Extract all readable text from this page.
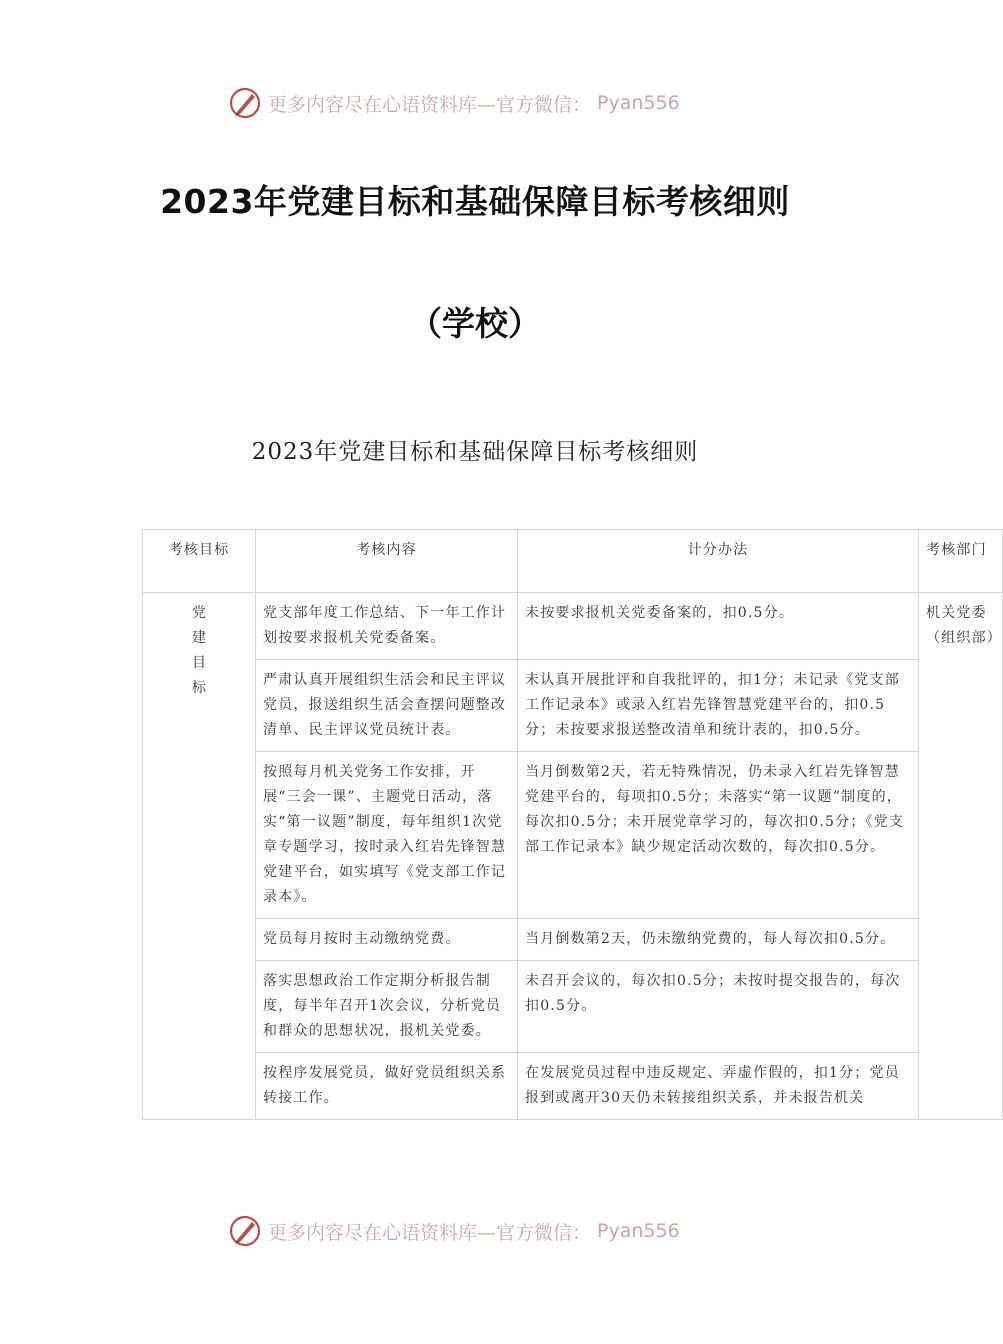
更多内容尽在心语资料库—官方微信： Pyan556
2023年党建目标和基础保障目标考核细则
（学校）
2023年党建目标和基础保障目标考核细则
考核目标	考核内容	计分办法	考核部门

党建目标	党支部年度工作总结、下一年工作计划按要求报机关党委备案。	未按要求报机关党委备案的，扣0.5分。	机关党委（组织部）
	严肃认真开展组织生活会和民主评议党员，报送组织生活会查摆问题整改清单、民主评议党员统计表。	未认真开展批评和自我批评的，扣1分；未记录《党支部工作记录本》或录入红岩先锋智慧党建平台的，扣0.5分；未按要求报送整改清单和统计表的，扣0.5分。	
	按照每月机关党务工作安排，开展“三会一课”、主题党日活动，落实“第一议题”制度，每年组织1次党章专题学习，按时录入红岩先锋智慧党建平台，如实填写《党支部工作记录本》。	当月倒数第2天，若无特殊情况，仍未录入红岩先锋智慧党建平台的，每项扣0.5分；未落实“第一议题”制度的，每次扣0.5分；未开展党章学习的，每次扣0.5分；《党支部工作记录本》缺少规定活动次数的，每次扣0.5分。	
	党员每月按时主动缴纳党费。	当月倒数第2天，仍未缴纳党费的，每人每次扣0.5分。	
	落实思想政治工作定期分析报告制度，每半年召开1次会议，分析党员和群众的思想状况，报机关党委。	未召开会议的，每次扣0.5分；未按时提交报告的，每次扣0.5分。	
	按程序发展党员，做好党员组织关系转接工作。	在发展党员过程中违反规定、弄虚作假的，扣1分；党员报到或离开30天仍未转接组织关系，并未报告机关	
更多内容尽在心语资料库—官方微信： Pyan556
